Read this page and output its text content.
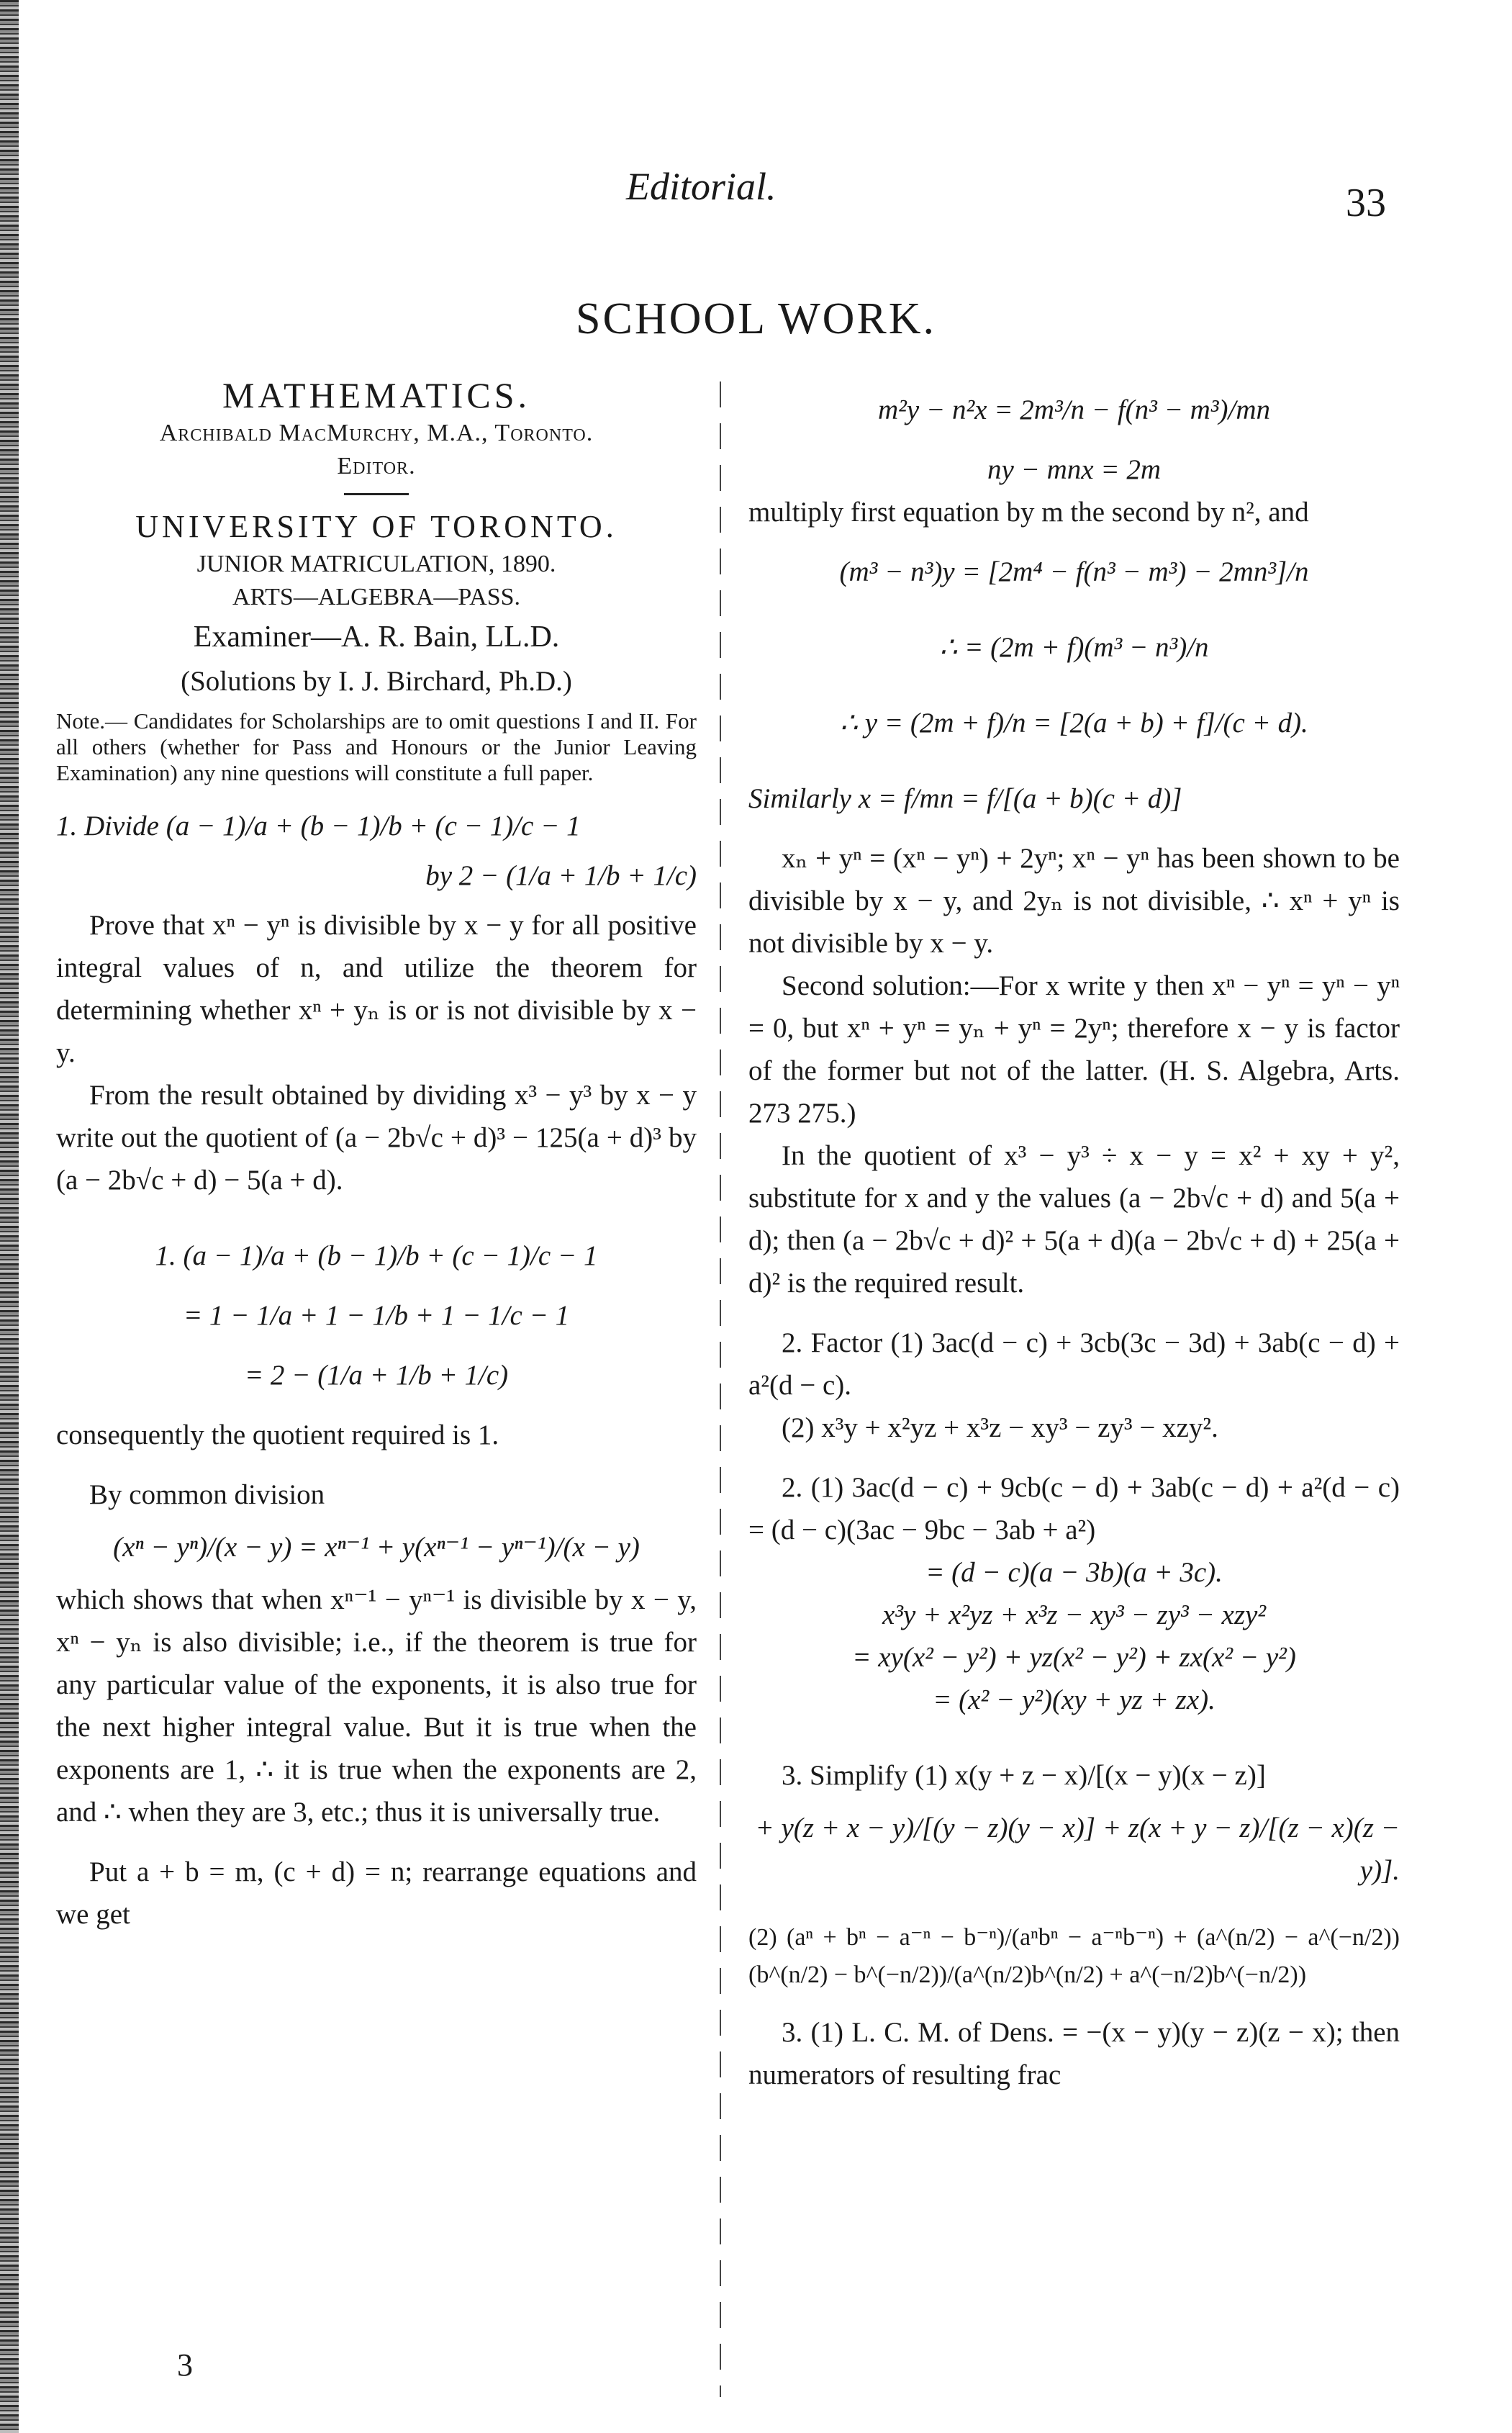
Editorial.	33
SCHOOL WORK.

MATHEMATICS.

Archibald MacMurchy, M.A., Toronto.

Editor.

UNIVERSITY OF TORONTO.

JUNIOR MATRICULATION, 1890.

ARTS—ALGEBRA—PASS.

Examiner—A. R. Bain, LL.D.

(Solutions by I. J. Birchard, Ph.D.)

Note.— Candidates for Scholarships are to omit questions I and II. For all others (whether for Pass and Honours or the Junior Leaving Examination) any nine questions will constitute a full paper.

1. Divide (a − 1)/a + (b − 1)/b + (c − 1)/c − 1

by 2 − (1/a + 1/b + 1/c)

Prove that xⁿ − yⁿ is divisible by x − y for all positive integral values of n, and utilize the theorem for determining whether xⁿ + yₙ is or is not divisible by x − y.

From the result obtained by dividing x³ − y³ by x − y write out the quotient of (a − 2b√c + d)³ − 125(a + d)³ by (a − 2b√c + d) − 5(a + d).

1. (a − 1)/a + (b − 1)/b + (c − 1)/c − 1

= 1 − 1/a + 1 − 1/b + 1 − 1/c − 1

= 2 − (1/a + 1/b + 1/c)

consequently the quotient required is 1.

By common division

(xⁿ − yⁿ)/(x − y) = xⁿ⁻¹ + y(xⁿ⁻¹ − yⁿ⁻¹)/(x − y)

which shows that when xⁿ⁻¹ − yⁿ⁻¹ is divisible by x − y, xⁿ − yₙ is also divisible; i.e., if the theorem is true for any particular value of the exponents, it is also true for the next higher integral value. But it is true when the exponents are 1, ∴ it is true when the exponents are 2, and ∴ when they are 3, etc.; thus it is universally true.

Put a + b = m, (c + d) = n; rearrange equations and we get

m²y − n²x = 2m³/n − f(n³ − m³)/mn

ny − mnx = 2m

multiply first equation by m the second by n², and

(m³ − n³)y = [2m⁴ − f(n³ − m³) − 2mn³]/n

∴ = (2m + f)(m³ − n³)/n

∴ y = (2m + f)/n = [2(a + b) + f]/(c + d).

Similarly x = f/mn = f/[(a + b)(c + d)]

xₙ + yⁿ = (xⁿ − yⁿ) + 2yⁿ; xⁿ − yⁿ has been shown to be divisible by x − y, and 2yₙ is not divisible, ∴ xⁿ + yⁿ is not divisible by x − y.

Second solution:—For x write y then xⁿ − yⁿ = yⁿ − yⁿ = 0, but xⁿ + yⁿ = yₙ + yⁿ = 2yⁿ; therefore x − y is factor of the former but not of the latter. (H. S. Algebra, Arts. 273 275.)

In the quotient of x³ − y³ ÷ x − y = x² + xy + y², substitute for x and y the values (a − 2b√c + d) and 5(a + d); then (a − 2b√c + d)² + 5(a + d)(a − 2b√c + d) + 25(a + d)² is the required result.

2. Factor (1) 3ac(d − c) + 3cb(3c − 3d) + 3ab(c − d) + a²(d − c).

(2) x³y + x²yz + x³z − xy³ − zy³ − xzy².

2. (1) 3ac(d − c) + 9cb(c − d) + 3ab(c − d) + a²(d − c) = (d − c)(3ac − 9bc − 3ab + a²)

= (d − c)(a − 3b)(a + 3c).

x³y + x²yz + x³z − xy³ − zy³ − xzy²

= xy(x² − y²) + yz(x² − y²) + zx(x² − y²)

= (x² − y²)(xy + yz + zx).

3. Simplify (1) x(y + z − x)/[(x − y)(x − z)]

+ y(z + x − y)/[(y − z)(y − x)] + z(x + y − z)/[(z − x)(z − y)].

(2) (aⁿ + bⁿ − a⁻ⁿ − b⁻ⁿ)/(aⁿbⁿ − a⁻ⁿb⁻ⁿ) + (a^(n/2) − a^(−n/2))(b^(n/2) − b^(−n/2))/(a^(n/2)b^(n/2) + a^(−n/2)b^(−n/2))

3. (1) L. C. M. of Dens. = −(x − y)(y − z)(z − x); then numerators of resulting frac

3
